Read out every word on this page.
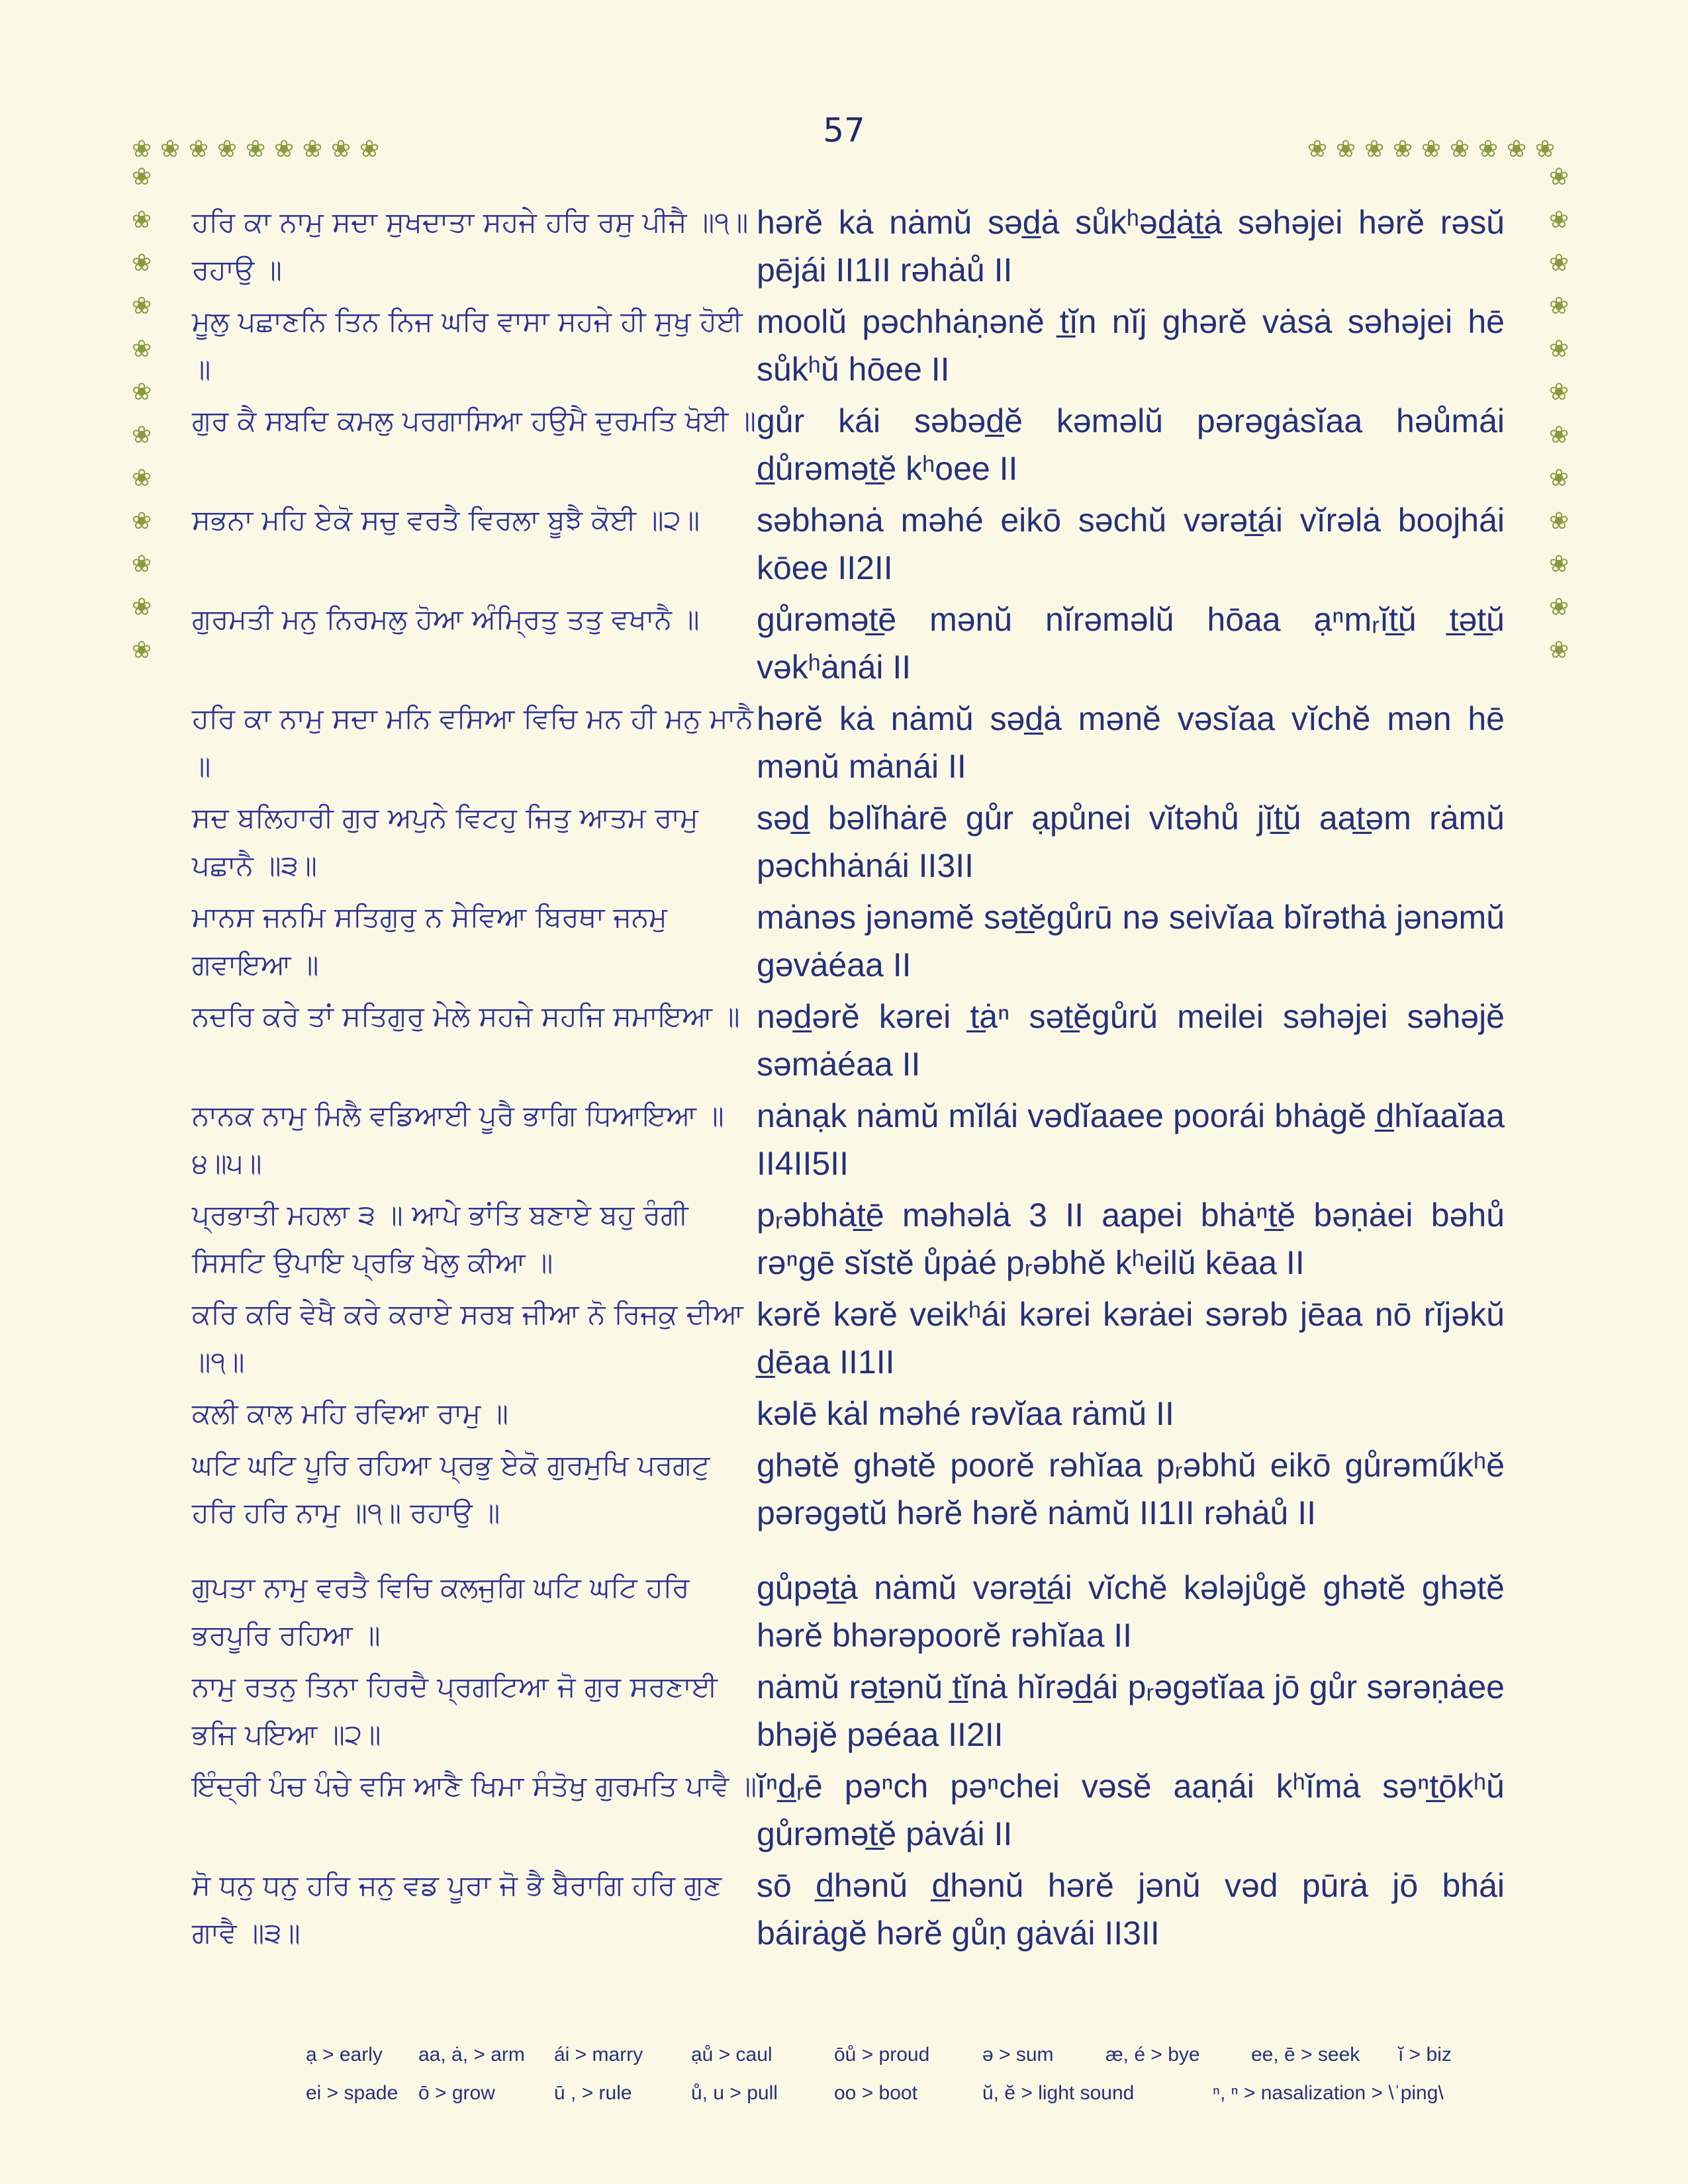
57
❀ ❀ ❀ ❀ ❀ ❀ ❀ ❀ ❀	❀ ❀ ❀ ❀ ❀ ❀ ❀ ❀ ❀
❀
❀
❀
❀
❀
❀
❀
❀
❀
❀
❀
❀
❀
❀
❀
❀
❀
❀
❀
❀
❀
❀
❀
❀
ਹਰਿ ਕਾ ਨਾਮੁ ਸਦਾ ਸੁਖਦਾਤਾ ਸਹਜੇ ਹਰਿ ਰਸੁ ਪੀਜੈ ॥੧॥ ਰਹਾਉ ॥
hərĕ kȧ nȧmŭ səd̲ȧ sůkʰəd̲ȧt̲ȧ səhəjei hərĕ rəsŭ pējái II1II rəhȧů II
ਮੂਲੁ ਪਛਾਣਨਿ ਤਿਨ ਨਿਜ ਘਰਿ ਵਾਸਾ ਸਹਜੇ ਹੀ ਸੁਖੁ ਹੋਈ ॥
moolŭ pəchhȧṇənĕ t̲ĭn nĭj ghərĕ vȧsȧ səhəjei hē sůkʰŭ hōee II
ਗੁਰ ਕੈ ਸਬਦਿ ਕਮਲੁ ਪਰਗਾਸਿਆ ਹਉਮੈ ਦੁਰਮਤਿ ਖੋਈ ॥ gůr kái səbəd̲ĕ kəməlŭ pərəgȧsĭaa həůmái d̲ůrəmət̲ĕ kʰoee II
ਸਭਨਾ ਮਹਿ ਏਕੋ ਸਚੁ ਵਰਤੈ ਵਿਰਲਾ ਬੂਝੈ ਕੋਈ ॥੨॥	səbhənȧ məhé eikō səchŭ vərət̲ái vĭrəlȧ boojhái kōee II2II
ਗੁਰਮਤੀ ਮਨੁ ਨਿਰਮਲੁ ਹੋਆ ਅੰਮ੍ਰਿਤੁ ਤਤੁ ਵਖਾਨੈ ॥	gůrəmət̲ē mənŭ nĭrəməlŭ hōaa ạⁿmᵣĭt̲ŭ t̲ət̲ŭ vəkʰȧnái II
ਹਰਿ ਕਾ ਨਾਮੁ ਸਦਾ ਮਨਿ ਵਸਿਆ ਵਿਚਿ ਮਨ ਹੀ ਮਨੁ ਮਾਨੈ ॥
hərĕ kȧ nȧmŭ səd̲ȧ mənĕ vəsĭaa vĭchĕ mən hē mənŭ mȧnái II
ਸਦ ਬਲਿਹਾਰੀ ਗੁਰ ਅਪੁਨੇ ਵਿਟਹੁ ਜਿਤੁ ਆਤਮ ਰਾਮੁ ਪਛਾਨੈ ॥੩॥
səd̲ bəlĭhȧrē gůr ạpůnei vĭtəhů jĭt̲ŭ aat̲əm rȧmŭ pəchhȧnái II3II
ਮਾਨਸ ਜਨਮਿ ਸਤਿਗੁਰੁ ਨ ਸੇਵਿਆ ਬਿਰਥਾ ਜਨਮੁ ਗਵਾਇਆ ॥
mȧnəs jənəmĕ sət̲ĕgůrū nə seivĭaa bĭrəthȧ jənəmŭ gəvȧéaa II
ਨਦਰਿ ਕਰੇ ਤਾਂ ਸਤਿਗੁਰੁ ਮੇਲੇ ਸਹਜੇ ਸਹਜਿ ਸਮਾਇਆ ॥ nəd̲ərĕ kərei t̲ȧⁿ sət̲ĕgůrŭ meilei səhəjei səhəjĕ səmȧéaa II
ਨਾਨਕ ਨਾਮੁ ਮਿਲੈ ਵਡਿਆਈ ਪੂਰੈ ਭਾਗਿ ਧਿਆਇਆ ॥੪॥੫॥
nȧnạk nȧmŭ mĭlái vədĭaaee poorái bhȧgĕ d̲hĭaaĭaa II4II5II
ਪ੍ਰਭਾਤੀ ਮਹਲਾ ੩ ॥ ਆਪੇ ਭਾਂਤਿ ਬਣਾਏ ਬਹੁ ਰੰਗੀ ਸਿਸਟਿ ਉਪਾਇ ਪ੍ਰਭਿ ਖੇਲੁ ਕੀਆ ॥
pᵣəbhȧt̲ē məhəlȧ 3 II aapei bhȧⁿt̲ĕ bəṇȧei bəhů rəⁿgē sĭstĕ ůpȧé pᵣəbhĕ kʰeilŭ kēaa II
ਕਰਿ ਕਰਿ ਵੇਖੈ ਕਰੇ ਕਰਾਏ ਸਰਬ ਜੀਆ ਨੋ ਰਿਜਕੁ ਦੀਆ ॥੧॥
kərĕ kərĕ veikʰái kərei kərȧei sərəb jēaa nō rĭjəkŭ d̲ēaa II1II
ਕਲੀ ਕਾਲ ਮਹਿ ਰਵਿਆ ਰਾਮੁ ॥	kəlē kȧl məhé rəvĭaa rȧmŭ II
ਘਟਿ ਘਟਿ ਪੂਰਿ ਰਹਿਆ ਪ੍ਰਭੁ ਏਕੋ ਗੁਰਮੁਖਿ ਪਰਗਟੁ ਹਰਿ ਹਰਿ ਨਾਮੁ ॥੧॥ ਰਹਾਉ ॥
ghətĕ ghətĕ poorĕ rəhĭaa pᵣəbhŭ eikō gůrəműkʰĕ pərəgətŭ hərĕ hərĕ nȧmŭ II1II rəhȧů II
ਗੁਪਤਾ ਨਾਮੁ ਵਰਤੈ ਵਿਚਿ ਕਲਜੁਗਿ ਘਟਿ ਘਟਿ ਹਰਿ ਭਰਪੂਰਿ ਰਹਿਆ ॥
gůpət̲ȧ nȧmŭ vərət̲ái vĭchĕ kələjůgĕ ghətĕ ghətĕ hərĕ bhərəpoorĕ rəhĭaa II
ਨਾਮੁ ਰਤਨੁ ਤਿਨਾ ਹਿਰਦੈ ਪ੍ਰਗਟਿਆ ਜੋ ਗੁਰ ਸਰਣਾਈ ਭਜਿ ਪਇਆ ॥੨॥
nȧmŭ rət̲ənŭ t̲ĭnȧ hĭrəd̲ái pᵣəgətĭaa jō gůr sərəṇȧee bhəjĕ pəéaa II2II
ਇੰਦ੍ਰੀ ਪੰਚ ਪੰਚੇ ਵਸਿ ਆਣੈ ਖਿਮਾ ਸੰਤੋਖੁ ਗੁਰਮਤਿ ਪਾਵੈ ॥ ĭⁿd̲ᵣē pəⁿch pəⁿchei vəsĕ aaṇái kʰĭmȧ səⁿt̲ōkʰŭ gůrəmət̲ĕ pȧvái II
ਸੋ ਧਨੁ ਧਨੁ ਹਰਿ ਜਨੁ ਵਡ ਪੂਰਾ ਜੋ ਭੈ ਬੈਰਾਗਿ ਹਰਿ ਗੁਣ ਗਾਵੈ ॥੩॥
sō d̲hənŭ d̲hənŭ hərĕ jənŭ vəd pūrȧ jō bhái báirȧgĕ hərĕ gůṇ gȧvái II3II
ạ > early aa, ȧ, > arm ái > marry ạů > caul	ōů > proud	ə > sum	æ, é > bye	ee, ē > seek ĭ > biz
ei > spade ō > grow	ū , > rule	ů, u > pull	oo > boot	ŭ, ĕ > light sound	ⁿ, ⁿ > nasalization > \ˈping\
